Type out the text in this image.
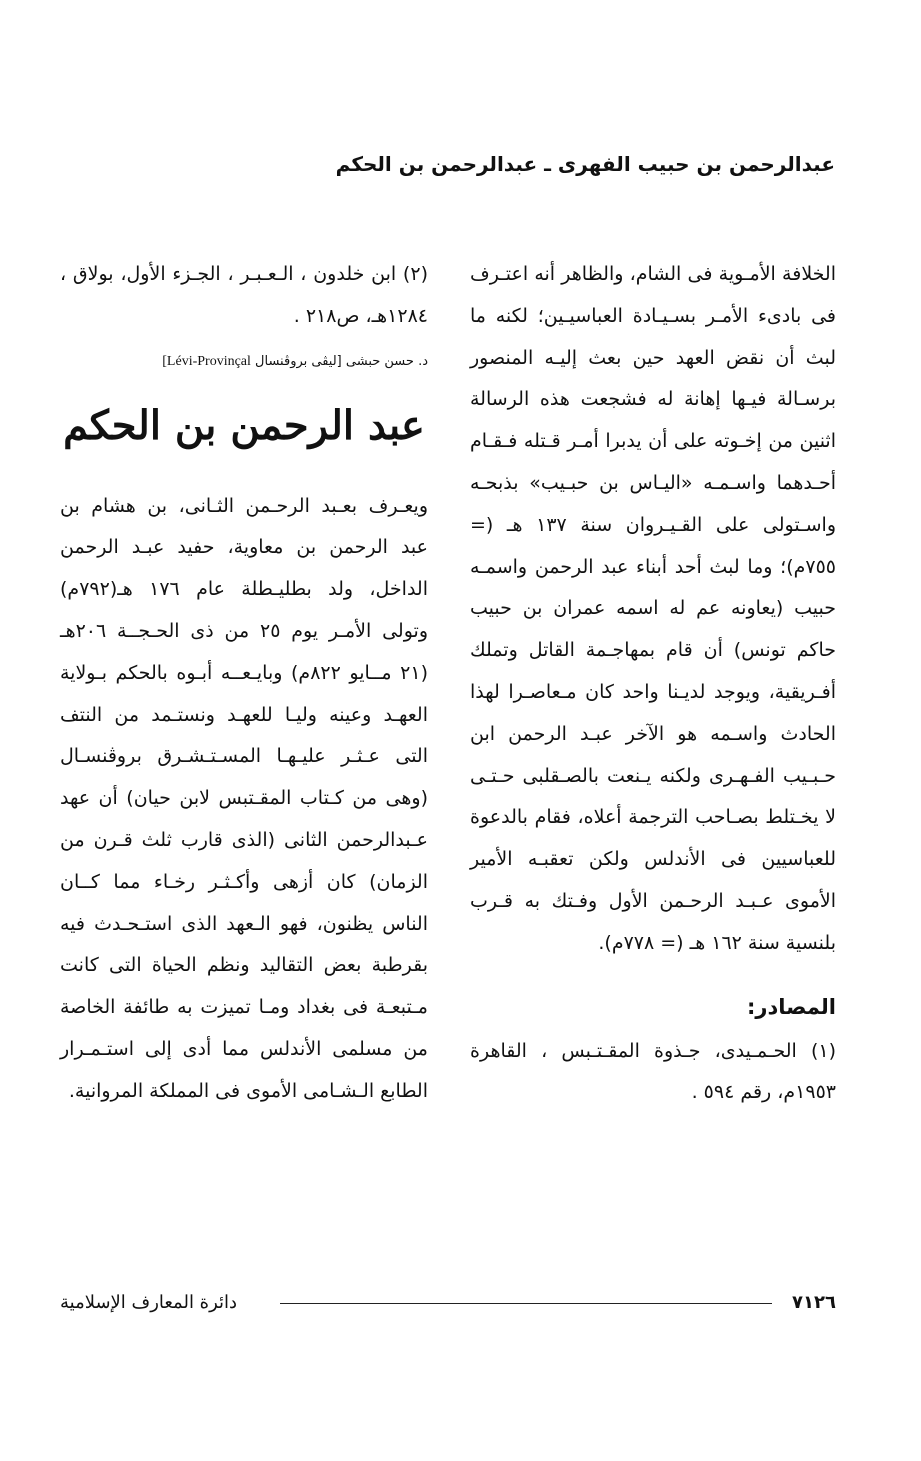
عبدالرحمن بن حبيب الفهرى ـ عبدالرحمن بن الحكم

الخلافة الأمـوية فى الشام، والظاهر أنه اعتـرف فى بادىء الأمـر بسـيـادة العباسيـين؛ لكنه ما لبث أن نقض العهد حين بعث إليـه المنصور برسـالة فيـها إهانة له فشجعت هذه الرسالة اثنين من إخـوته على أن يدبرا أمـر قـتله فـقـام أحـدهما واسـمـه «اليـاس بن حبـيب» بذبحـه واسـتولى على القـيـروان سنة ١٣٧ هـ (= ٧٥٥م)؛ وما لبث أحد أبناء عبد الرحمن واسمـه حبيب (يعاونه عم له اسمه عمران بن حبيب حاكم تونس) أن قام بمهاجـمة القاتل وتملك أفـريقية، ويوجد لديـنا واحد كان مـعاصـرا لهذا الحادث واسـمه هو الآخر عبـد الرحمن ابن حـبـيب الفـهـرى ولكنه يـنعت بالصـقلبى حـتـى لا يخـتلط بصـاحب الترجمة أعلاه، فقام بالدعوة للعباسيين فى الأندلس ولكن تعقبـه الأمير الأموى عـبـد الرحـمن الأول وفـتك به قـرب بلنسية سنة ١٦٢ هـ (= ٧٧٨م).

المصادر:

(١) الحـمـيدى، جـذوة المقـتـبس ، القاهرة ١٩٥٣م، رقم ٥٩٤ .

(٢) ابن خلدون ، الـعـبـر ، الجـزء الأول، بولاق ، ١٢٨٤هـ، ص٢١٨ .

د. حسن حبشى [ليڤى بروڤنسال Lévi-Provinçal]
عبد الرحمن بن الحكم

ويعـرف بعـبد الرحـمن الثـانى، بن هشام بن عبد الرحمن بن معاوية، حفيد عبـد الرحمن الداخل، ولد بطليـطلة عام ١٧٦ هـ(٧٩٢م) وتولى الأمـر يوم ٢٥ من ذى الحـجــة ٢٠٦هـ (٢١ مــايو ٨٢٢م) وبايـعــه أبـوه بالحكم بـولاية العهـد وعينه وليـا للعهـد ونستـمد من النتف التى عـثـر عليـهـا المسـتـشـرق بروڤنسـال (وهى من كـتاب المقـتبس لابن حيان) أن عهد عـبدالرحمن الثانى (الذى قارب ثلث قـرن من الزمان) كان أزهى وأكـثـر رخـاء مما كــان الناس يظنون، فهو الـعهد الذى استـحـدث فيه بقرطبة بعض التقاليد ونظم الحياة التى كانت مـتبعـة فى بغداد ومـا تميزت به طائفة الخاصة من مسلمى الأندلس مما أدى إلى استـمـرار الطابع الـشـامى الأموى فى المملكة المروانية.

٧١٢٦
دائرة المعارف الإسلامية
